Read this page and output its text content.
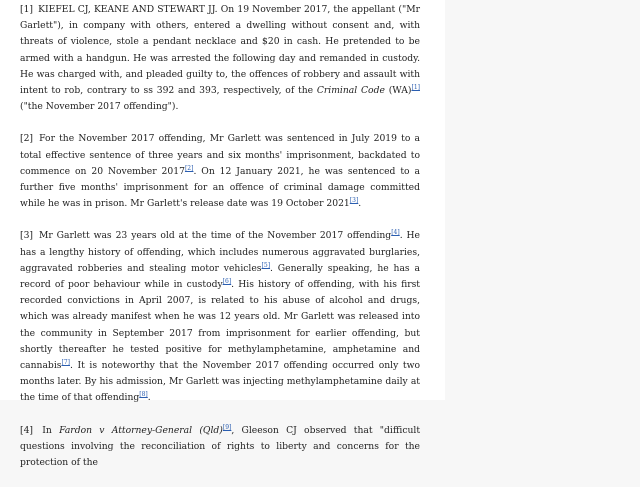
[1] KIEFEL CJ, KEANE AND STEWART JJ. On 19 November 2017, the appellant ("Mr Garlett"), in company with others, entered a dwelling without consent and, with threats of violence, stole a pendant necklace and $20 in cash. He pretended to be armed with a handgun. He was arrested the following day and remanded in custody. He was charged with, and pleaded guilty to, the offences of robbery and assault with intent to rob, contrary to ss 392 and 393, respectively, of the Criminal Code (WA)[1] ("the November 2017 offending").

[2] For the November 2017 offending, Mr Garlett was sentenced in July 2019 to a total effective sentence of three years and six months' imprisonment, backdated to commence on 20 November 2017[2]. On 12 January 2021, he was sentenced to a further five months' imprisonment for an offence of criminal damage committed while he was in prison. Mr Garlett's release date was 19 October 2021[3].

[3] Mr Garlett was 23 years old at the time of the November 2017 offending[4]. He has a lengthy history of offending, which includes numerous aggravated burglaries, aggravated robberies and stealing motor vehicles[5]. Generally speaking, he has a record of poor behaviour while in custody[6]. His history of offending, with his first recorded convictions in April 2007, is related to his abuse of alcohol and drugs, which was already manifest when he was 12 years old. Mr Garlett was released into the community in September 2017 from imprisonment for earlier offending, but shortly thereafter he tested positive for methylamphetamine, amphetamine and cannabis[7]. It is noteworthy that the November 2017 offending occurred only two months later. By his admission, Mr Garlett was injecting methylamphetamine daily at the time of that offending[8].

[4] In Fardon v Attorney-General (Qld)[9], Gleeson CJ observed that "difficult questions involving the reconciliation of rights to liberty and concerns for the protection of the
